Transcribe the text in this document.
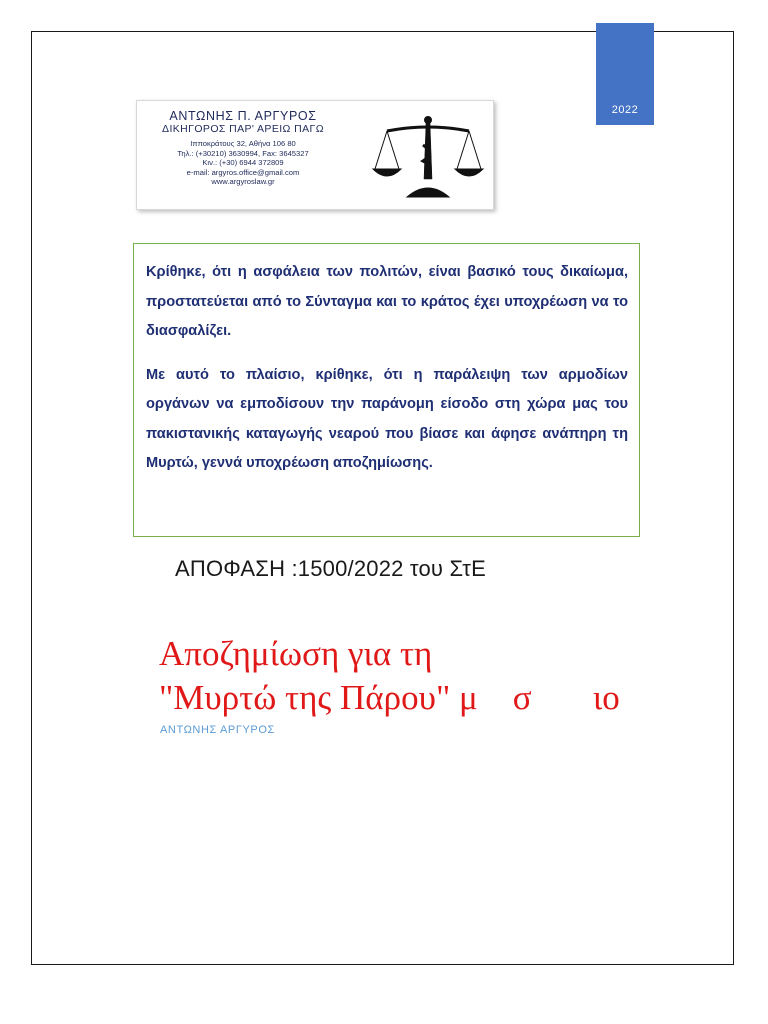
2022
ΑΝΤΩΝΗΣ Π. ΑΡΓΥΡΟΣ
ΔΙΚΗΓΟΡΟΣ ΠΑΡ' ΑΡΕΙΩ ΠΑΓΩ
Ιπποκράτους 32, Αθήνα 106 80
Τηλ.: (+30210) 3630994, Fax: 3645327
Κιν.: (+30) 6944 372809
e-mail: argyros.office@gmail.com
www.argyroslaw.gr

Κρίθηκε, ότι η ασφάλεια των πολιτών, είναι βασικό τους δικαίωμα, προστατεύεται από το Σύνταγμα και το κράτος έχει υποχρέωση να το διασφαλίζει.

Με αυτό το πλαίσιο, κρίθηκε, ότι η παράλειψη των αρμοδίων οργάνων να εμποδίσουν την παράνομη είσοδο στη χώρα μας του πακιστανικής καταγωγής νεαρού που βίασε και άφησε ανάπηρη τη Μυρτώ, γεννά υποχρέωση αποζημίωσης.

ΑΠΟΦΑΣΗ :1500/2022 του ΣτΕ
Αποζημίωση για τη
"Μυρτώ της Πάρου" μ    σ       ιο
ΑΝΤΩΝΗΣ ΑΡΓΥΡΟΣ
